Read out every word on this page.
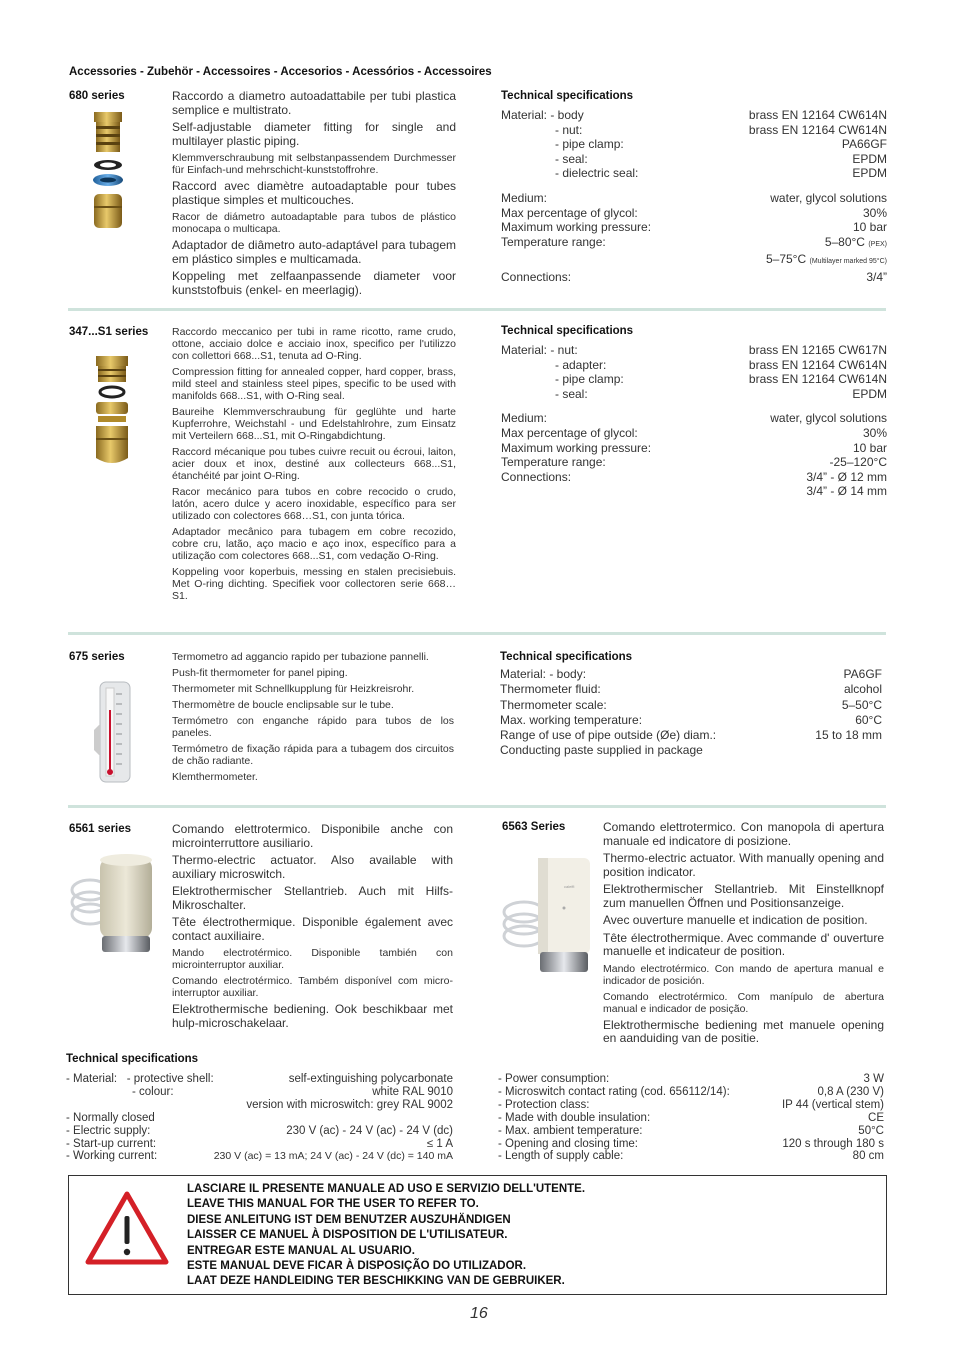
Accessories - Zubehör - Accessoires - Accesorios - Acessórios - Accessoires
680 series	Raccordo a diametro autoadattabile per tubi plastica semplice e multistrato.

Self-adjustable diameter fitting for single and multilayer plastic piping.

Klemmverschraubung mit selbstanpassendem Durchmesser für Einfach-und mehrschicht-kunststoffrohre.

Raccord avec diamètre autoadaptable pour tubes plastique simples et multicouches.

Racor de diámetro autoadaptable para tubos de plástico monocapa o multicapa.

Adaptador de diâmetro auto-adaptável para tubagem em plástico simples e multicamada.

Koppeling met zelfaanpassende diameter voor kunststofbuis (enkel- en meerlagig).

Technical specifications
Material: - body	brass EN 12164 CW614N
- nut:	brass EN 12164 CW614N
- pipe clamp:	PA66GF
- seal:	EPDM
- dielectric seal:	EPDM
Medium:	water, glycol solutions
Max percentage of glycol:	30%
Maximum working pressure:	10 bar
Temperature range:	5–80°C (PEX)
5–75°C (Multilayer marked 95°C)
Connections:	3/4”
347...S1 series Raccordo meccanico per tubi in rame ricotto, rame crudo, ottone, acciaio dolce e acciaio inox, specifico per l'utilizzo con collettori 668...S1, tenuta ad O-Ring.

Compression fitting for annealed copper, hard copper, brass, mild steel and stainless steel pipes, specific to be used with manifolds 668...S1, with O-Ring seal.

Baureihe Klemmverschraubung für geglühte und harte Kupferrohre, Weichstahl - und Edelstahlrohre, zum Einsatz mit Verteilern 668...S1, mit O-Ringabdichtung.

Raccord mécanique pou tubes cuivre recuit ou écroui, laiton, acier doux et inox, destiné aux collecteurs 668...S1, étanchéité par joint O-Ring.

Racor mecánico para tubos en cobre recocido o crudo, latón, acero dulce y acero inoxidable, específico para ser utilizado con colectores 668…S1, con junta tórica.

Adaptador mecânico para tubagem em cobre recozido, cobre cru, latão, aço macio e aço inox, específico para a utilização com colectores 668...S1, com vedação O-Ring.

Koppeling voor koperbuis, messing en stalen precisiebuis. Met O-ring dichting. Specifiek voor collectoren serie 668… S1.

Technical specifications
Material: - nut:	brass EN 12165 CW617N
- adapter:	brass EN 12164 CW614N
- pipe clamp:	brass EN 12164 CW614N
- seal:	EPDM
Medium:	water, glycol solutions
Max percentage of glycol:	30%
Maximum working pressure:	10 bar
Temperature range:	-25–120°C
Connections:	3/4” - Ø 12 mm
3/4” - Ø 14 mm
675 series	Termometro ad aggancio rapido per tubazione pannelli.

Push-fit thermometer for panel piping.

Thermometer mit Schnellkupplung für Heizkreisrohr.

Thermomètre de boucle enclipsable sur le tube.

Termómetro con enganche rápido para tubos de los paneles.

Termómetro de fixação rápida para a tubagem dos circuitos de chão radiante.

Klemthermometer.

Technical specifications
Material: - body:	PA6GF
Thermometer fluid:	alcohol
Thermometer scale:	5–50°C
Max. working temperature:	60°C
Range of use of pipe outside (Øe) diam.:	15 to 18 mm
Conducting paste supplied in package
6561 series	Comando elettrotermico. Disponibile anche con microinterruttore ausiliario.

Thermo-electric actuator. Also available with auxiliary microswitch.

Elektrothermischer Stellantrieb. Auch mit Hilfs-Mikroschalter.

Tête électrothermique. Disponible également avec contact auxiliaire.

Mando electrotérmico. Disponible también con microinterruptor auxiliar.

Comando electrotérmico. Também disponível com micro-interruptor auxiliar.

Elektrothermische bediening. Ook beschikbaar met hulp-microschakelaar.

6563 Series
caleffi

Comando elettrotermico. Con manopola di apertura manuale ed indicatore di posizione.

Thermo-electric actuator. With manually opening and position indicator.

Elektrothermischer Stellantrieb. Mit Einstellknopf zum manuellen Öffnen und Positionsanzeige.

Avec ouverture manuelle et indication de position.

Tête électrothermique. Avec commande d' ouverture manuelle et indicateur de position.

Mando electrotérmico. Con mando de apertura manual e indicador de posición.

Comando electrotérmico. Com manípulo de abertura manual e indicador de posição.

Elektrothermische bediening met manuele opening en aanduiding van de positie.

Technical specifications
- Material: - protective shell:	self-extinguishing polycarbonate
- colour:	white RAL 9010
version with microswitch: grey RAL 9002
- Normally closed
- Electric supply:	230 V (ac) - 24 V (ac) - 24 V (dc)
- Start-up current:	≤ 1 A
- Working current:	230 V (ac) = 13 mA; 24 V (ac) - 24 V (dc) = 140 mA
- Power consumption:	3 W
- Microswitch contact rating (cod. 656112/14):	0,8 A (230 V)
- Protection class:	IP 44 (vertical stem)
- Made with double insulation:	CE
- Max. ambient temperature:	50°C
- Opening and closing time:	120 s through 180 s
- Length of supply cable:	80 cm
LASCIARE IL PRESENTE MANUALE AD USO E SERVIZIO DELL'UTENTE.
LEAVE THIS MANUAL FOR THE USER TO REFER TO.
DIESE ANLEITUNG IST DEM BENUTZER AUSZUHÄNDIGEN
LAISSER CE MANUEL À DISPOSITION DE L'UTILISATEUR.
ENTREGAR ESTE MANUAL AL USUARIO.
ESTE MANUAL DEVE FICAR À DISPOSIÇÃO DO UTILIZADOR.
LAAT DEZE HANDLEIDING TER BESCHIKKING VAN DE GEBRUIKER.
16
